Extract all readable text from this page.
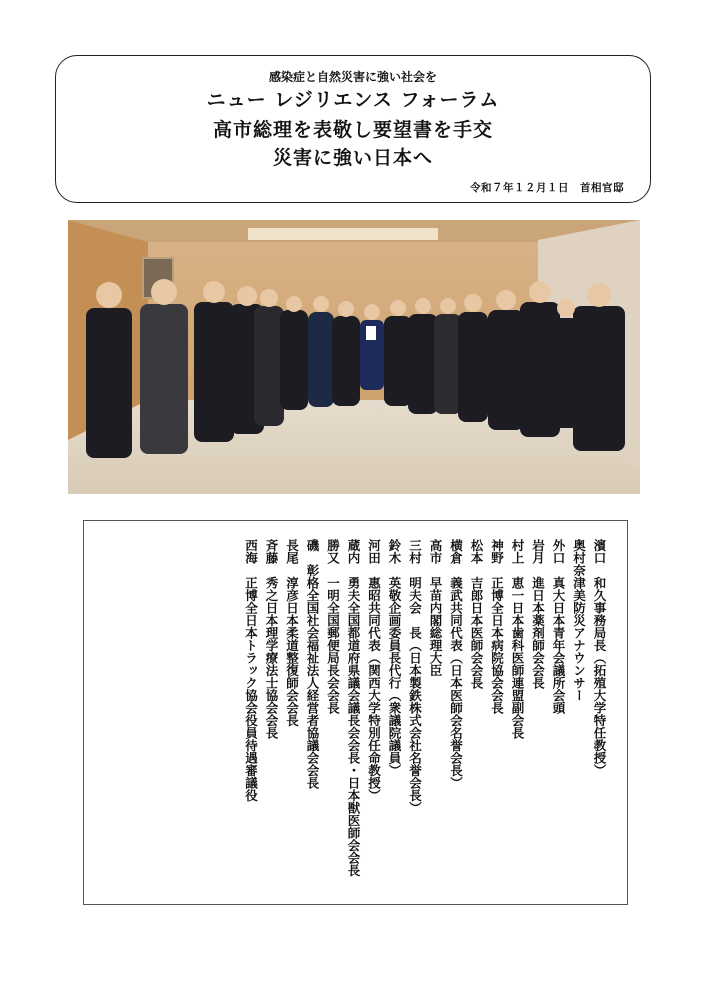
感染症と自然災害に強い社会を
ニュー レジリエンス フォーラム
高市総理を表敬し要望書を手交
災害に強い日本へ
令和７年１２月１日　首相官邸
濱口　和久事務局長（拓殖大学特任教授）
奥村奈津美防災アナウンサー
外口　真大日本青年会議所会頭
岩月　進日本薬剤師会会長
村上　恵一日本歯科医師連盟副会長
神野　正博全日本病院協会会長
松本　吉郎日本医師会会長
横倉　義武共同代表（日本医師会名誉会長）
高市　早苗内閣総理大臣
三村　明夫会　長（日本製鉄株式会社名誉会長）
鈴木　英敬企画委員長代行（衆議院議員）
河田　惠昭共同代表（関西大学特別任命教授）
蔵内　勇夫全国都道府県議会議長会会長・日本獣医師会会長
勝又　一明全国郵便局長会会長
磯　彰格全国社会福祉法人経営者協議会会長
長尾　淳彦日本柔道整復師会会長
斉藤　秀之日本理学療法士協会会長
西海　正博全日本トラック協会役員待遇審議役
